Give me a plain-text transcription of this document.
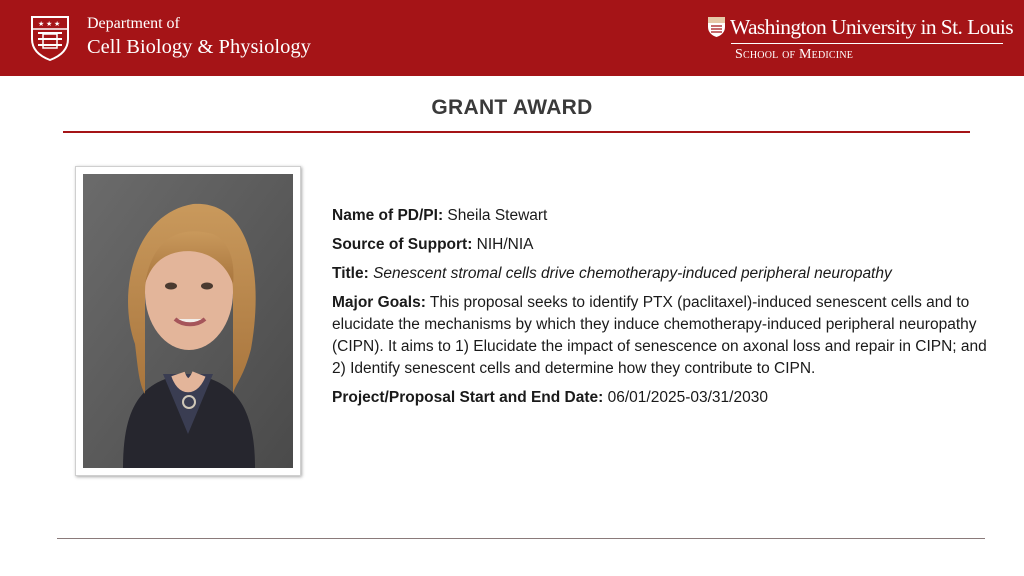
★ ★ ★ Department of
Cell Biology & Physiology
Washington University in St. Louis
School of Medicine
GRANT AWARD

Name of PD/PI: Sheila Stewart

Source of Support: NIH/NIA

Title: Senescent stromal cells drive chemotherapy-induced peripheral neuropathy

Major Goals: This proposal seeks to identify PTX (paclitaxel)-induced senescent cells and to elucidate the mechanisms by which they induce chemotherapy-induced peripheral neuropathy (CIPN). It aims to 1) Elucidate the impact of senescence on axonal loss and repair in CIPN; and 2) Identify senescent cells and determine how they contribute to CIPN.

Project/Proposal Start and End Date: 06/01/2025-03/31/2030
